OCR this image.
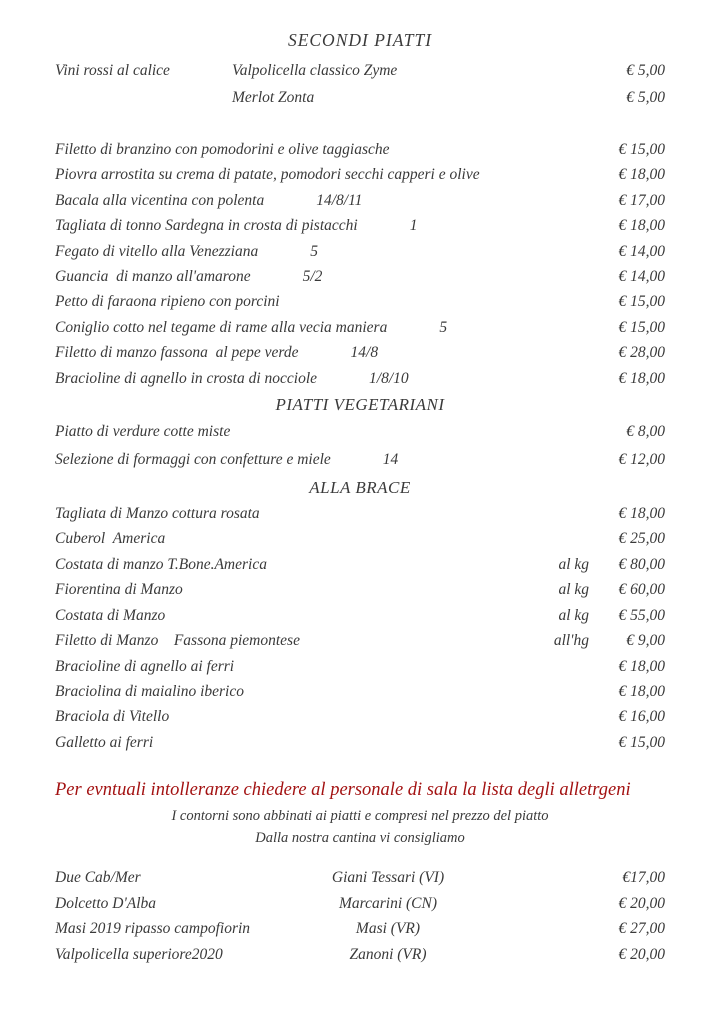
SECONDI PIATTI
Vini rossi al calice	Valpolicella classico Zyme	€ 5,00
Merlot Zonta	€ 5,00
Filetto di branzino con pomodorini e olive taggiasche	€ 15,00
Piovra arrostita su crema di patate, pomodori secchi capperi e olive	€ 18,00
Bacala alla vicentina con polenta	14/8/11	€ 17,00
Tagliata di tonno Sardegna in crosta di pistacchi	1	€ 18,00
Fegato di vitello alla Venezziana	5	€ 14,00
Guancia  di manzo all'amarone	5/2	€ 14,00
Petto di faraona ripieno con porcini	€ 15,00
Coniglio cotto nel tegame di rame alla vecia maniera	5	€ 15,00
Filetto di manzo fassona  al pepe verde	14/8	€ 28,00
Bracioline di agnello in crosta di nocciole	1/8/10	€ 18,00
PIATTI VEGETARIANI
Piatto di verdure cotte miste	€ 8,00
Selezione di formaggi con confetture e miele	14	€ 12,00
ALLA BRACE
Tagliata di Manzo cottura rosata	€ 18,00
Cuberol  America	€ 25,00
Costata di manzo T.Bone.America	al kg	€ 80,00
Fiorentina di Manzo	al kg	€ 60,00
Costata di Manzo	al kg	€ 55,00
Filetto di Manzo    Fassona piemontese	all'hg	€ 9,00
Bracioline di agnello ai ferri	€ 18,00
Braciolina di maialino iberico	€ 18,00
Braciola di Vitello	€ 16,00
Galletto ai ferri	€ 15,00
Per evntuali intolleranze chiedere al personale di sala la lista degli alletrgeni
I contorni sono abbinati ai piatti e compresi nel prezzo del piatto
Dalla nostra cantina vi consigliamo
Due Cab/Mer	Giani Tessari (VI)	€17,00
Dolcetto D'Alba	Marcarini (CN)	€ 20,00
Masi 2019 ripasso campofiorin	Masi (VR)	€ 27,00
Valpolicella superiore2020	Zanoni (VR)	€ 20,00
